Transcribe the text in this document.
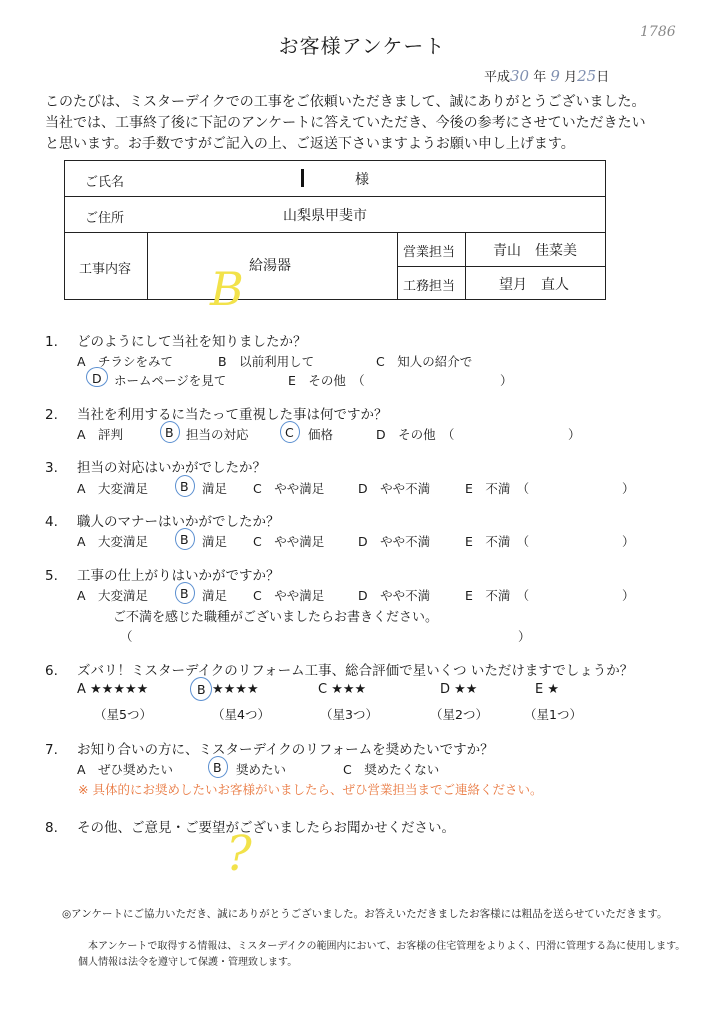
お客様アンケート
1786
平成30 年 9 月25日
このたびは、ミスターデイクでの工事をご依頼いただきまして、誠にありがとうございました。
当社では、工事終了後に下記のアンケートに答えていただき、今後の参考にさせていただきたい
と思います。お手数ですがご記入の上、ご返送下さいますようお願い申し上げます。
ご氏名	様
ご住所	山梨県甲斐市
工事内容	給湯器
営業担当	青山　佳菜美
工務担当	望月　直人
B
1. どのようにして当社を知りましたか？
A　チラシをみて	B　以前利用して	C　知人の紹介で
D ホームページを見て	E　その他　（	）
2. 当社を利用するに当たって重視した事は何ですか？
A　評判	B 担当の対応	C 価格	D　その他　（	）
3. 担当の対応はいかがでしたか？
A　大変満足	B 満足 C　やや満足	D　やや不満	E　不満　（	）
4. 職人のマナーはいかがでしたか？
A　大変満足	B 満足 C　やや満足	D　やや不満	E　不満　（	）
5. 工事の仕上がりはいかがですか？
A　大変満足	B 満足 C　やや満足	D　やや不満	E　不満　（	）
ご不満を感じた職種がございましたらお書きください。
（	）
6. ズバリ！ミスターデイクのリフォーム工事、総合評価で星いくつ いただけますでしょうか？
A ★★★★★	B ★★★★	C ★★★	D ★★	E ★
（星5つ）	（星4つ）	（星3つ）	（星2つ）	（星1つ）
7. お知り合いの方に、ミスターデイクのリフォームを奨めたいですか？
A　ぜひ奨めたい	B 奨めたい	C　奨めたくない
※ 具体的にお奨めしたいお客様がいましたら、ぜひ営業担当までご連絡ください。
8. その他、ご意見・ご要望がございましたらお聞かせください。
?
◎アンケートにご協力いただき、誠にありがとうございました。お答えいただきましたお客様には粗品を送らせていただきます。
本アンケートで取得する情報は、ミスターデイクの範囲内において、お客様の住宅管理をよりよく、円滑に管理する為に使用します。
個人情報は法令を遵守して保護・管理致します。
